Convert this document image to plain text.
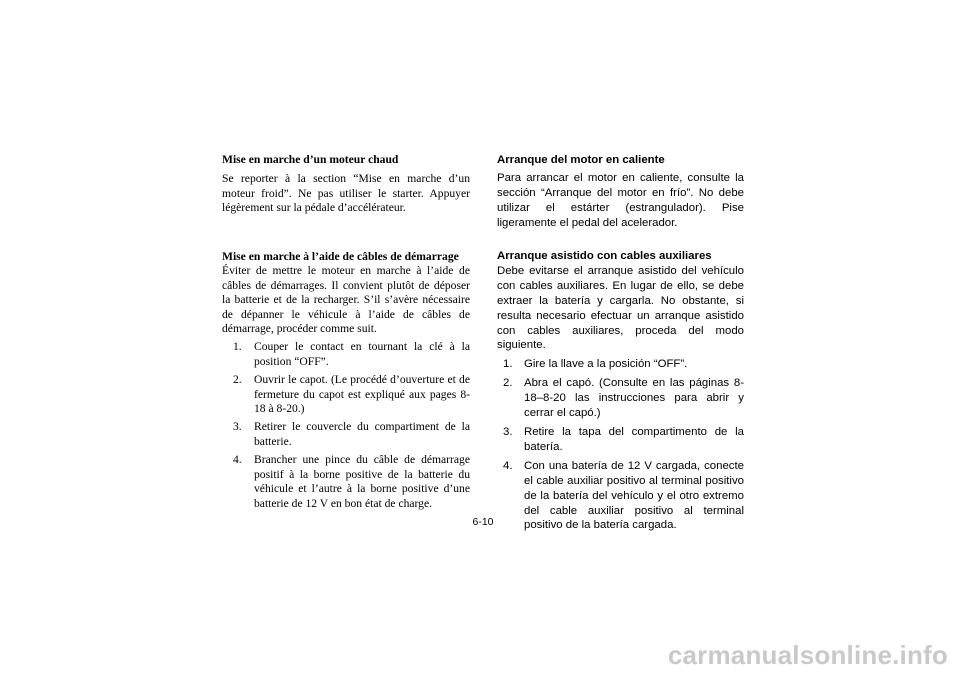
Mise en marche d’un moteur chaud

Se reporter à la section “Mise en marche d’un moteur froid”. Ne pas utiliser le starter. Appuyer légèrement sur la pédale d’accélérateur.

Arranque del motor en caliente

Para arrancar el motor en caliente, consulte la sección “Arranque del motor en frío”. No debe utilizar el estárter (estrangulador). Pise ligeramente el pedal del acelerador.

Mise en marche à l’aide de câbles de démarrage

Éviter de mettre le moteur en marche à l’aide de câbles de démarrages. Il convient plutôt de déposer la batterie et de la recharger. S’il s’avère nécessaire de dépanner le véhicule à l’aide de câbles de démarrage, procéder comme suit.

1.	Couper le contact en tournant la clé à la position “OFF”.
2.	Ouvrir le capot. (Le procédé d’ouverture et de fermeture du capot est expliqué aux pages 8-18 à 8-20.)
3.	Retirer le couvercle du compartiment de la batterie.
4.	Brancher une pince du câble de démarrage positif à la borne positive de la batterie du véhicule et l’autre à la borne positive d’une batterie de 12 V en bon état de charge.
Arranque asistido con cables auxiliares

Debe evitarse el arranque asistido del vehículo con cables auxiliares. En lugar de ello, se debe extraer la batería y cargarla. No obstante, si resulta necesario efectuar un arranque asistido con cables auxiliares, proceda del modo siguiente.

1.	Gire la llave a la posición “OFF”.
2.	Abra el capó. (Consulte en las páginas 8-18–8-20 las instrucciones para abrir y cerrar el capó.)
3.	Retire la tapa del compartimento de la batería.
4.	Con una batería de 12 V cargada, conecte el cable auxiliar positivo al terminal positivo de la batería del vehículo y el otro extremo del cable auxiliar positivo al terminal positivo de la batería cargada.
6-10
carmanualsonline.info
